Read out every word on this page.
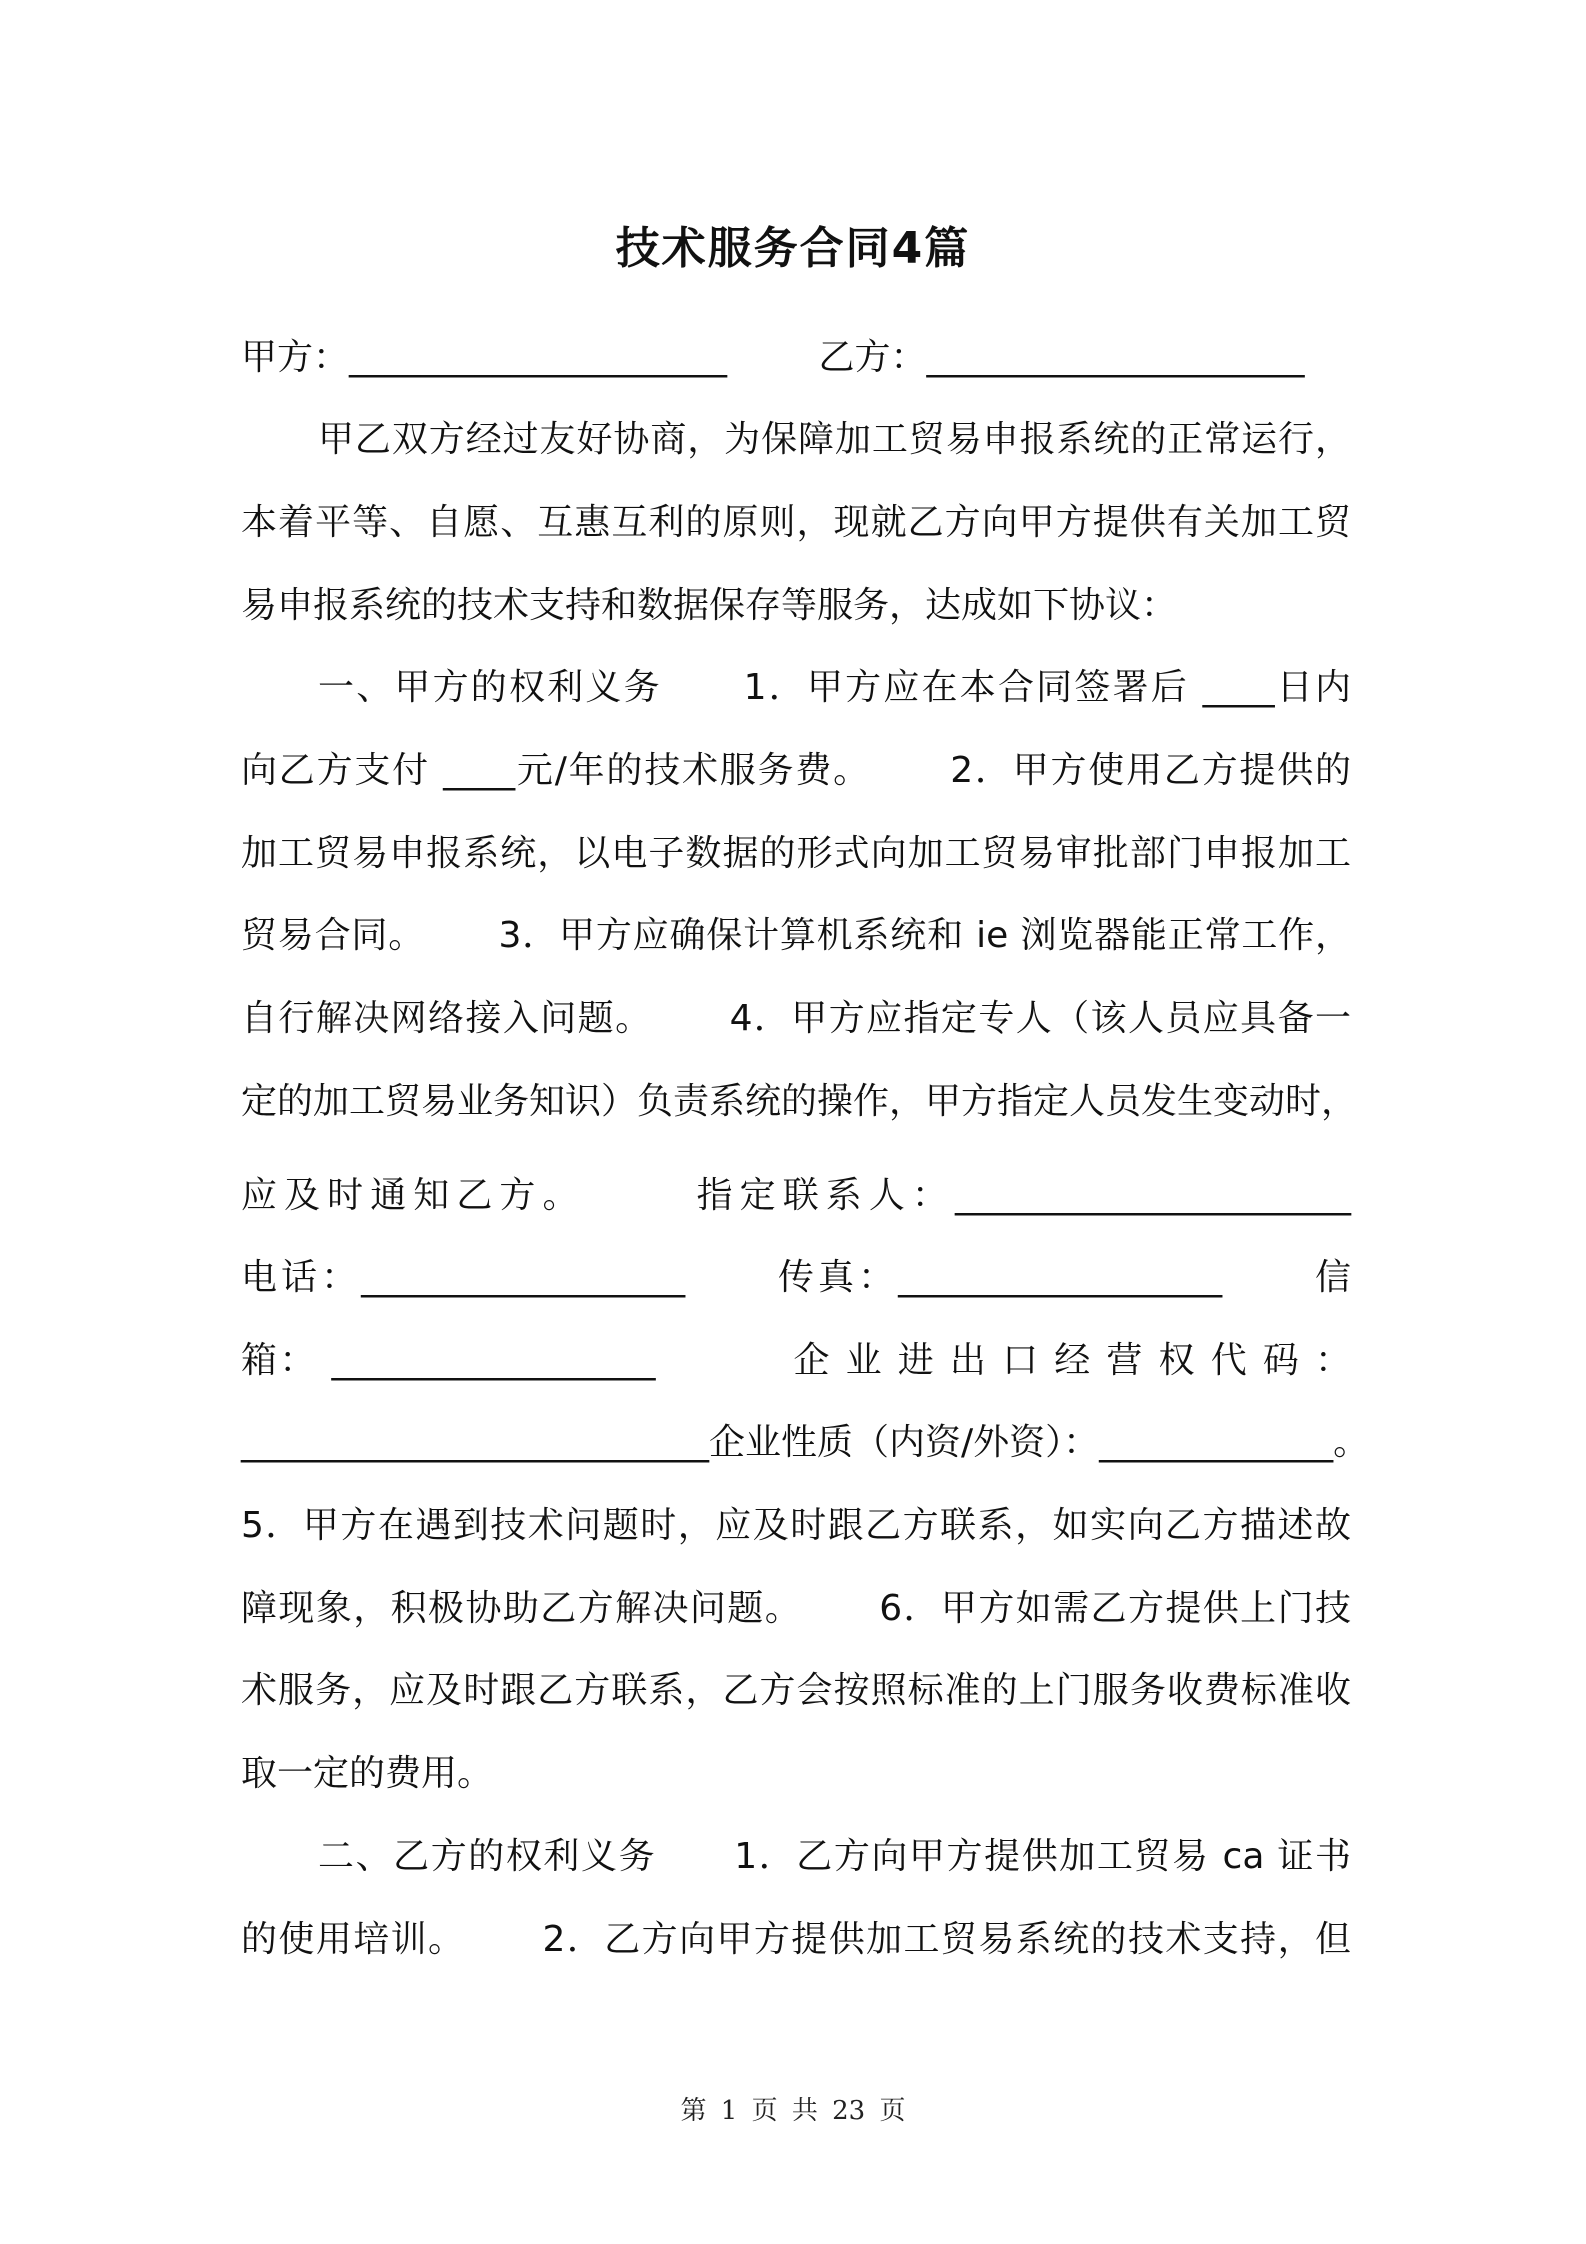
技术服务合同4篇
甲方：_____________________        乙方：_____________________
甲乙双方经过友好协商，为保障加工贸易申报系统的正常运行，
本着平等、自愿、互惠互利的原则，现就乙方向甲方提供有关加工贸
易申报系统的技术支持和数据保存等服务，达成如下协议：
一、甲方的权利义务      1．甲方应在本合同签署后 ____日内
向乙方支付 ____元/年的技术服务费。      2．甲方使用乙方提供的
加工贸易申报系统，以电子数据的形式向加工贸易审批部门申报加工
贸易合同。      3．甲方应确保计算机系统和 ie 浏览器能正常工作，
自行解决网络接入问题。      4．甲方应指定专人（该人员应具备一
定的加工贸易业务知识）负责系统的操作，甲方指定人员发生变动时，
应及时通知乙方。      指定联系人：______________________
电话：__________________      传真：__________________      信
箱： __________________          企 业 进 出 口 经 营 权 代 码 ：
__________________________企业性质（内资/外资）：_____________。
5．甲方在遇到技术问题时，应及时跟乙方联系，如实向乙方描述故
障现象，积极协助乙方解决问题。      6．甲方如需乙方提供上门技
术服务，应及时跟乙方联系，乙方会按照标准的上门服务收费标准收
取一定的费用。
二、乙方的权利义务      1．乙方向甲方提供加工贸易 ca 证书
的使用培训。      2．乙方向甲方提供加工贸易系统的技术支持，但
第 1 页 共 23 页
